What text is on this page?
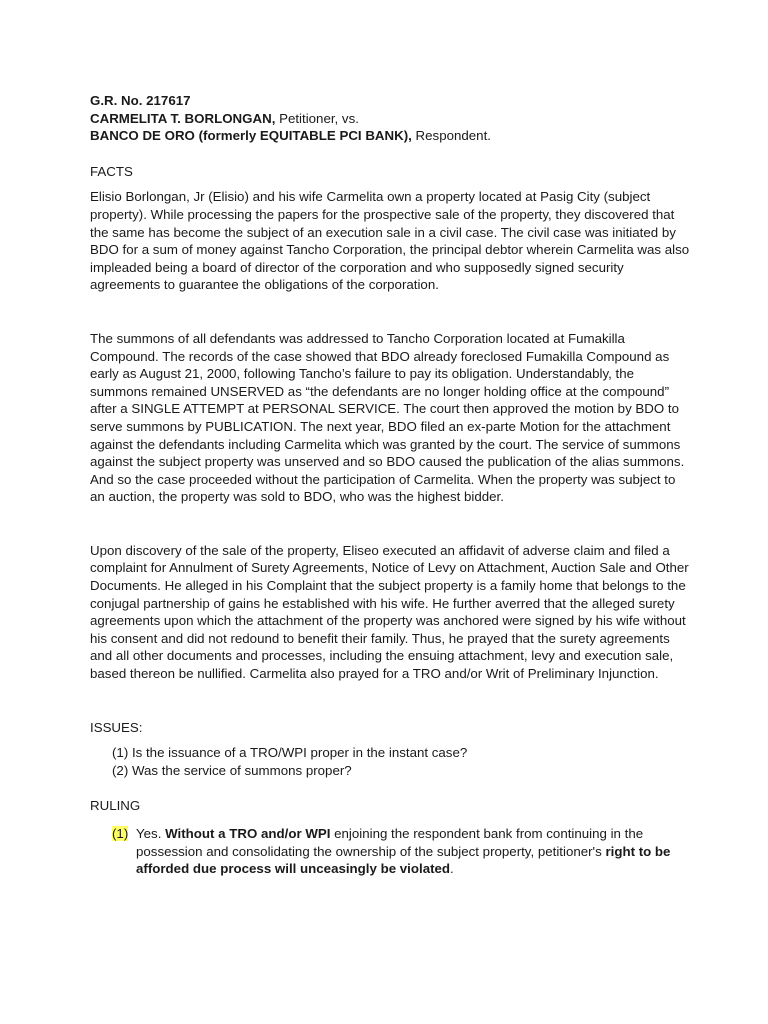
G.R. No. 217617
CARMELITA T. BORLONGAN, Petitioner, vs.
BANCO DE ORO (formerly EQUITABLE PCI BANK), Respondent.
FACTS

Elisio Borlongan, Jr (Elisio) and his wife Carmelita own a property located at Pasig City (subject property). While processing the papers for the prospective sale of the property, they discovered that the same has become the subject of an execution sale in a civil case. The civil case was initiated by BDO for a sum of money against Tancho Corporation, the principal debtor wherein Carmelita was also impleaded being a board of director of the corporation and who supposedly signed security agreements to guarantee the obligations of the corporation.

The summons of all defendants was addressed to Tancho Corporation located at Fumakilla Compound. The records of the case showed that BDO already foreclosed Fumakilla Compound as early as August 21, 2000, following Tancho’s failure to pay its obligation. Understandably, the summons remained UNSERVED as “the defendants are no longer holding office at the compound” after a SINGLE ATTEMPT at PERSONAL SERVICE. The court then approved the motion by BDO to serve summons by PUBLICATION. The next year, BDO filed an ex-parte Motion for the attachment against the defendants including Carmelita which was granted by the court. The service of summons against the subject property was unserved and so BDO caused the publication of the alias summons. And so the case proceeded without the participation of Carmelita. When the property was subject to an auction, the property was sold to BDO, who was the highest bidder.

Upon discovery of the sale of the property, Eliseo executed an affidavit of adverse claim and filed a complaint for Annulment of Surety Agreements, Notice of Levy on Attachment, Auction Sale and Other Documents. He alleged in his Complaint that the subject property is a family home that belongs to the conjugal partnership of gains he established with his wife. He further averred that the alleged surety agreements upon which the attachment of the property was anchored were signed by his wife without his consent and did not redound to benefit their family. Thus, he prayed that the surety agreements and all other documents and processes, including the ensuing attachment, levy and execution sale, based thereon be nullified. Carmelita also prayed for a TRO and/or Writ of Preliminary Injunction.

ISSUES:
(1) Is the issuance of a TRO/WPI proper in the instant case?
(2) Was the service of summons proper?
RULING
(1) Yes. Without a TRO and/or WPI enjoining the respondent bank from continuing in the possession and consolidating the ownership of the subject property, petitioner's right to be afforded due process will unceasingly be violated.
